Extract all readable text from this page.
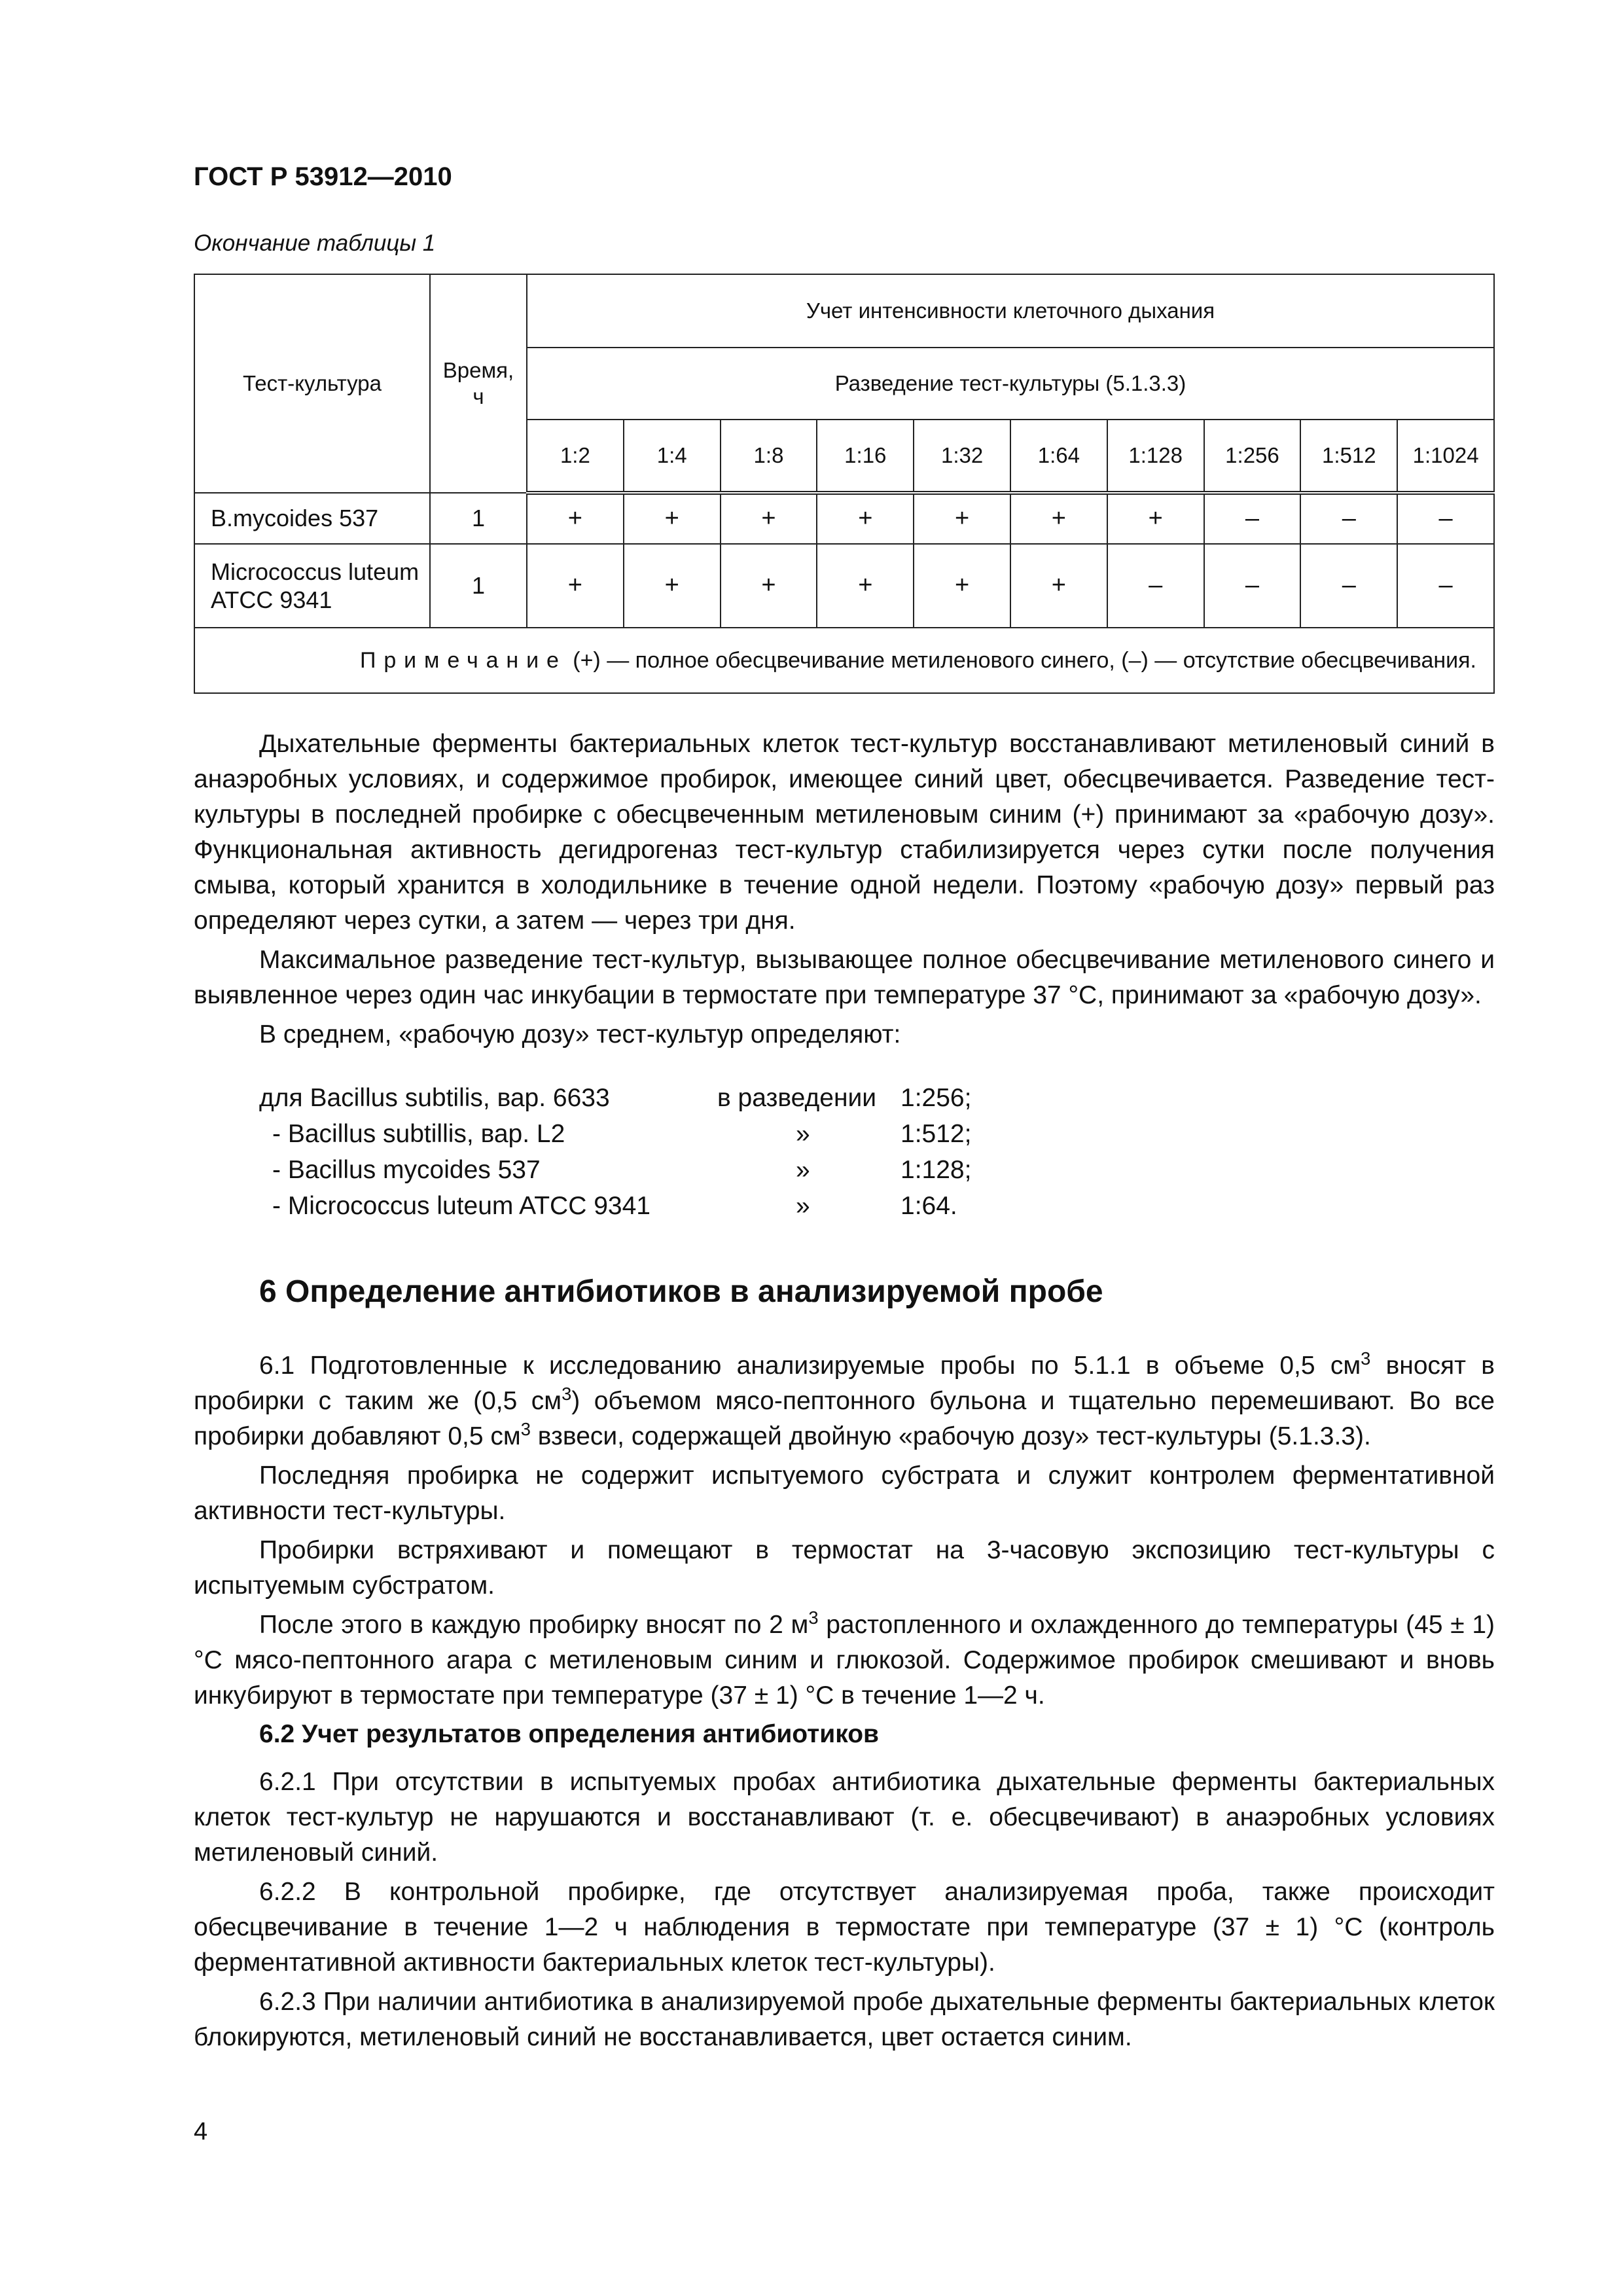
ГОСТ Р 53912—2010
Окончание таблицы 1
Тест-культура	Время, ч	Учет интенсивности клеточного дыхания									
		Разведение тест-культуры (5.1.3.3)									
		1:2	1:4	1:8	1:16	1:32	1:64	1:128	1:256	1:512	1:1024
B.mycoides 537	1	+	+	+	+	+	+	+	–	–	–
Micrococcus luteum ATCC 9341	1	+	+	+	+	+	+	–	–	–	–
Примечание (+) — полное обесцвечивание метиленового синего, (–) — отсутствие обесцвечивания.											

Дыхательные ферменты бактериальных клеток тест-культур восстанавливают метиленовый синий в анаэробных условиях, и содержимое пробирок, имеющее синий цвет, обесцвечивается. Разведение тест-культуры в последней пробирке с обесцвеченным метиленовым синим (+) принимают за «рабочую дозу». Функциональная активность дегидрогеназ тест-культур стабилизируется через сутки после получения смыва, который хранится в холодильнике в течение одной недели. Поэтому «рабочую дозу» первый раз определяют через сутки, а затем — через три дня.

Максимальное разведение тест-культур, вызывающее полное обесцвечивание метиленового синего и выявленное через один час инкубации в термостате при температуре 37 °С, принимают за «рабочую дозу».

В среднем, «рабочую дозу» тест-культур определяют:

для Bacillus subtilis, вар. 6633	в разведении 1:256;
- Bacillus subtillis, вар. L2	»	1:512;
- Bacillus mycoides 537	»	1:128;
- Micrococcus luteum ATCC 9341	»	1:64.
6 Определение антибиотиков в анализируемой пробе

6.1 Подготовленные к исследованию анализируемые пробы по 5.1.1 в объеме 0,5 $см^3$ вносят в пробирки с таким же (0,5 $см^3$) объемом мясо-пептонного бульона и тщательно перемешивают. Во все пробирки добавляют 0,5 $см^3$ взвеси, содержащей двойную «рабочую дозу» тест-культуры (5.1.3.3).

Последняя пробирка не содержит испытуемого субстрата и служит контролем ферментативной активности тест-культуры.

Пробирки встряхивают и помещают в термостат на 3-часовую экспозицию тест-культуры с испытуемым субстратом.

После этого в каждую пробирку вносят по 2 $м^3$ растопленного и охлажденного до температуры (45 ± 1) °С мясо-пептонного агара с метиленовым синим и глюкозой. Содержимое пробирок смешивают и вновь инкубируют в термостате при температуре (37 ± 1) °С в течение 1—2 ч.

6.2 Учет результатов определения антибиотиков

6.2.1 При отсутствии в испытуемых пробах антибиотика дыхательные ферменты бактериальных клеток тест-культур не нарушаются и восстанавливают (т. е. обесцвечивают) в анаэробных условиях метиленовый синий.

6.2.2 В контрольной пробирке, где отсутствует анализируемая проба, также происходит обесцвечивание в течение 1—2 ч наблюдения в термостате при температуре (37 ± 1) °С (контроль ферментативной активности бактериальных клеток тест-культуры).

6.2.3 При наличии антибиотика в анализируемой пробе дыхательные ферменты бактериальных клеток блокируются, метиленовый синий не восстанавливается, цвет остается синим.

4
